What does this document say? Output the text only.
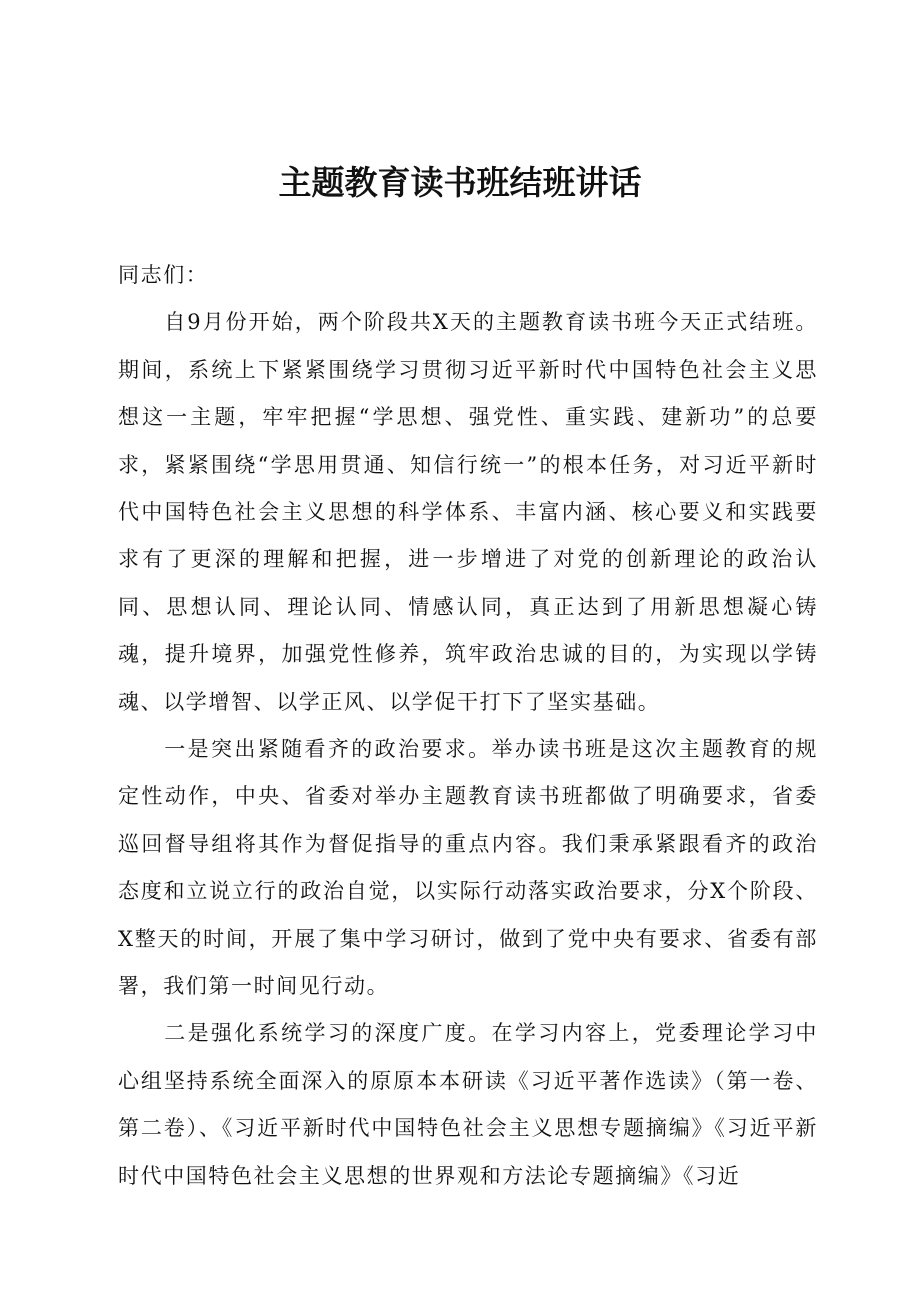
主题教育读书班结班讲话

同志们：

自9月份开始，两个阶段共X天的主题教育读书班今天正式结班。期间，系统上下紧紧围绕学习贯彻习近平新时代中国特色社会主义思想这一主题，牢牢把握“学思想、强党性、重实践、建新功”的总要求，紧紧围绕“学思用贯通、知信行统一”的根本任务，对习近平新时代中国特色社会主义思想的科学体系、丰富内涵、核心要义和实践要求有了更深的理解和把握，进一步增进了对党的创新理论的政治认同、思想认同、理论认同、情感认同，真正达到了用新思想凝心铸魂，提升境界，加强党性修养，筑牢政治忠诚的目的，为实现以学铸魂、以学增智、以学正风、以学促干打下了坚实基础。

一是突出紧随看齐的政治要求。举办读书班是这次主题教育的规定性动作，中央、省委对举办主题教育读书班都做了明确要求，省委巡回督导组将其作为督促指导的重点内容。我们秉承紧跟看齐的政治态度和立说立行的政治自觉，以实际行动落实政治要求，分X个阶段、X整天的时间，开展了集中学习研讨，做到了党中央有要求、省委有部署，我们第一时间见行动。

二是强化系统学习的深度广度。在学习内容上，党委理论学习中心组坚持系统全面深入的原原本本研读《习近平著作选读》（第一卷、第二卷）、《习近平新时代中国特色社会主义思想专题摘编》《习近平新时代中国特色社会主义思想的世界观和方法论专题摘编》《习近
